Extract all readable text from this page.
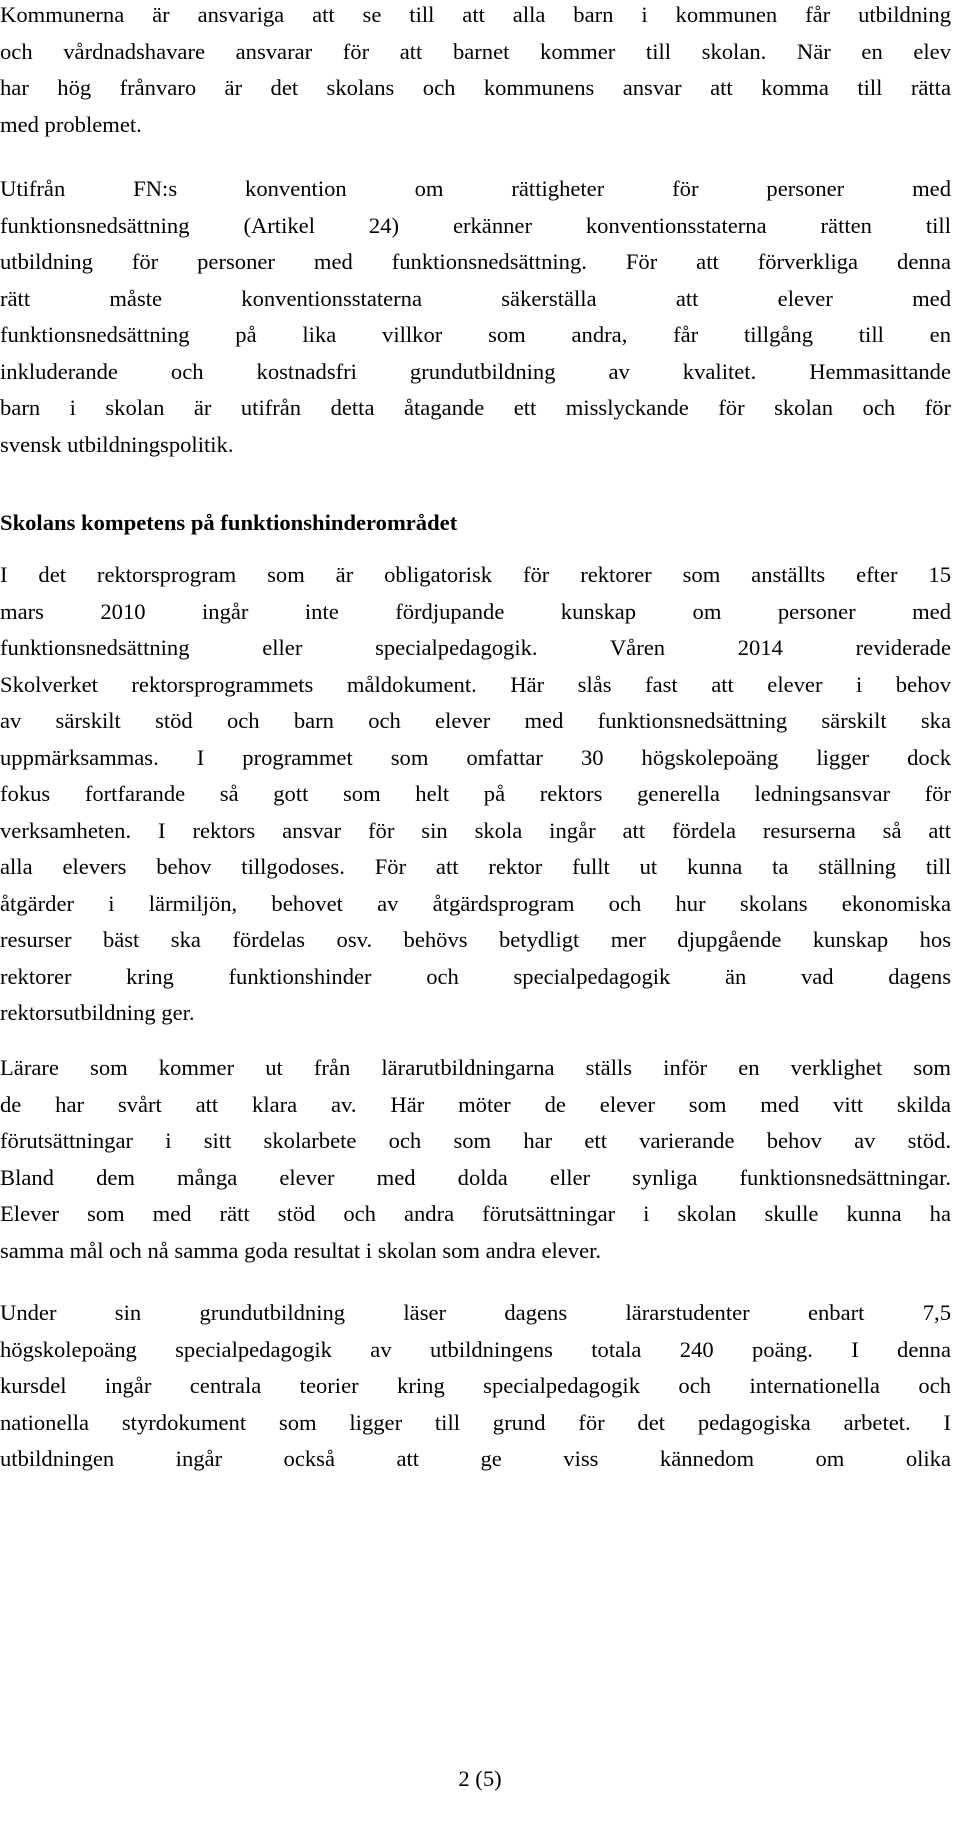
Kommunerna är ansvariga att se till att alla barn i kommunen får utbildning
och vårdnadshavare ansvarar för att barnet kommer till skolan. När en elev
har hög frånvaro är det skolans och kommunens ansvar att komma till rätta
med problemet.
Utifrån FN:s konvention om rättigheter för personer med
funktionsnedsättning (Artikel 24) erkänner konventionsstaterna rätten till
utbildning för personer med funktionsnedsättning. För att förverkliga denna
rätt måste konventionsstaterna säkerställa att elever med
funktionsnedsättning på lika villkor som andra, får tillgång till en
inkluderande och kostnadsfri grundutbildning av kvalitet. Hemmasittande
barn i skolan är utifrån detta åtagande ett misslyckande för skolan och för
svensk utbildningspolitik.
Skolans kompetens på funktionshinderområdet
I det rektorsprogram som är obligatorisk för rektorer som anställts efter 15
mars 2010 ingår inte fördjupande kunskap om personer med
funktionsnedsättning eller specialpedagogik. Våren 2014 reviderade
Skolverket rektorsprogrammets måldokument. Här slås fast att elever i behov
av särskilt stöd och barn och elever med funktionsnedsättning särskilt ska
uppmärksammas. I programmet som omfattar 30 högskolepoäng ligger dock
fokus fortfarande så gott som helt på rektors generella ledningsansvar för
verksamheten. I rektors ansvar för sin skola ingår att fördela resurserna så att
alla elevers behov tillgodoses. För att rektor fullt ut kunna ta ställning till
åtgärder i lärmiljön, behovet av åtgärdsprogram och hur skolans ekonomiska
resurser bäst ska fördelas osv. behövs betydligt mer djupgående kunskap hos
rektorer kring funktionshinder och specialpedagogik än vad dagens
rektorsutbildning ger.
Lärare som kommer ut från lärarutbildningarna ställs inför en verklighet som
de har svårt att klara av. Här möter de elever som med vitt skilda
förutsättningar i sitt skolarbete och som har ett varierande behov av stöd.
Bland dem många elever med dolda eller synliga funktionsnedsättningar.
Elever som med rätt stöd och andra förutsättningar i skolan skulle kunna ha
samma mål och nå samma goda resultat i skolan som andra elever.
Under sin grundutbildning läser dagens lärarstudenter enbart 7,5
högskolepoäng specialpedagogik av utbildningens totala 240 poäng. I denna
kursdel ingår centrala teorier kring specialpedagogik och internationella och
nationella styrdokument som ligger till grund för det pedagogiska arbetet. I
utbildningen ingår också att ge viss kännedom om olika
2 (5)
